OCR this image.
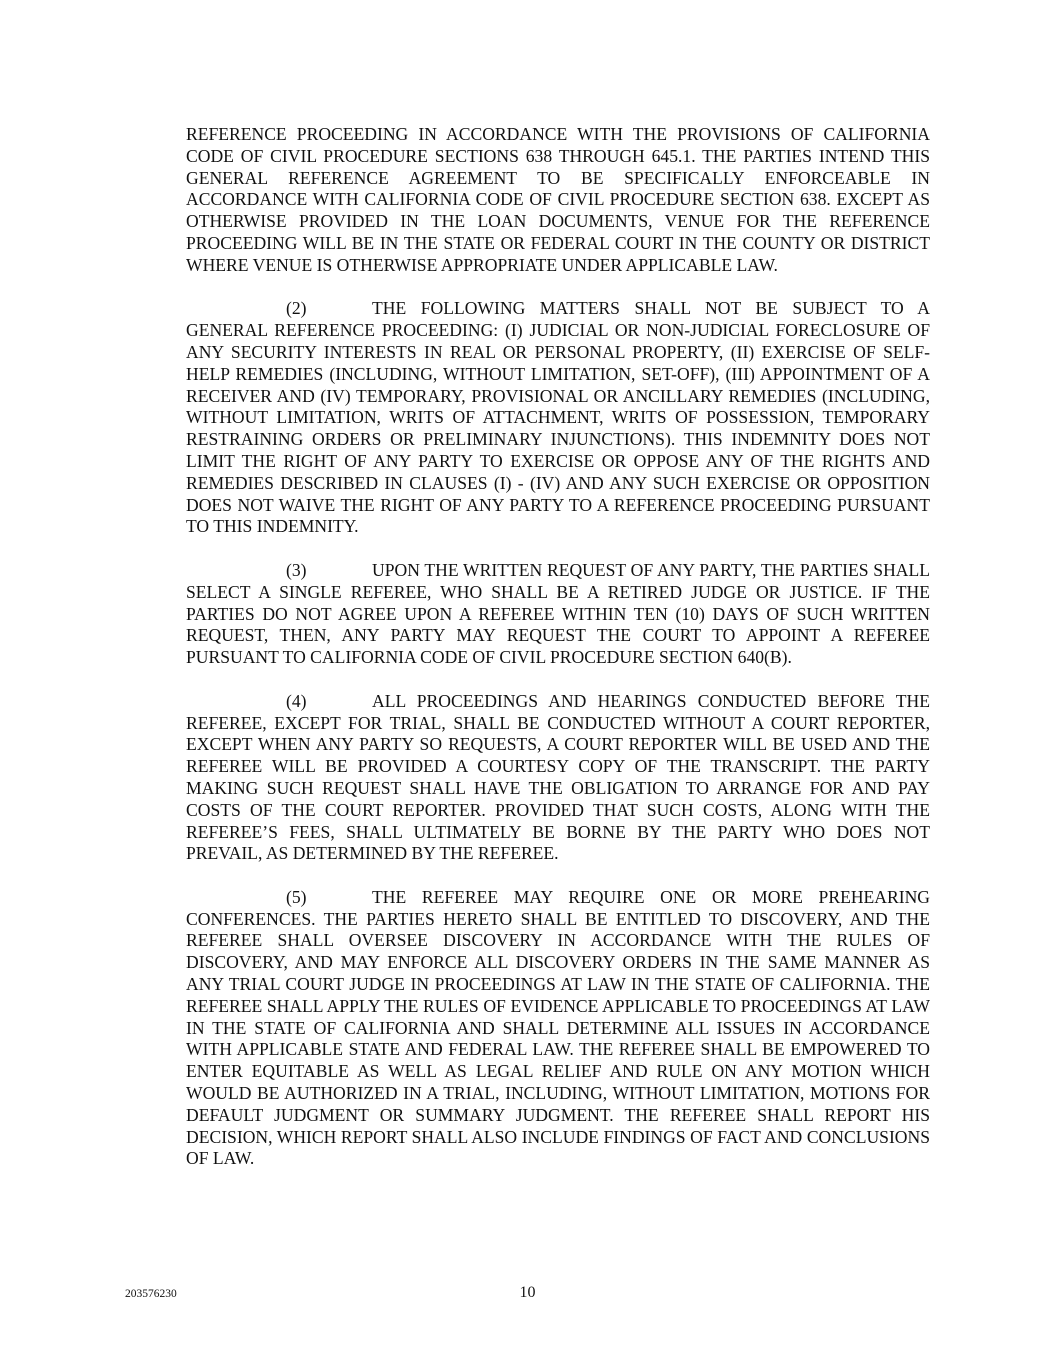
REFERENCE PROCEEDING IN ACCORDANCE WITH THE PROVISIONS OF CALIFORNIA CODE OF CIVIL PROCEDURE SECTIONS 638 THROUGH 645.1. THE PARTIES INTEND THIS GENERAL REFERENCE AGREEMENT TO BE SPECIFICALLY ENFORCEABLE IN ACCORDANCE WITH CALIFORNIA CODE OF CIVIL PROCEDURE SECTION 638. EXCEPT AS OTHERWISE PROVIDED IN THE LOAN DOCUMENTS, VENUE FOR THE REFERENCE PROCEEDING WILL BE IN THE STATE OR FEDERAL COURT IN THE COUNTY OR DISTRICT WHERE VENUE IS OTHERWISE APPROPRIATE UNDER APPLICABLE LAW.

(2)	THE FOLLOWING MATTERS SHALL NOT BE SUBJECT TO A GENERAL REFERENCE PROCEEDING: (I) JUDICIAL OR NON-JUDICIAL FORECLOSURE OF ANY SECURITY INTERESTS IN REAL OR PERSONAL PROPERTY, (II) EXERCISE OF SELF-HELP REMEDIES (INCLUDING, WITHOUT LIMITATION, SET-OFF), (III) APPOINTMENT OF A RECEIVER AND (IV) TEMPORARY, PROVISIONAL OR ANCILLARY REMEDIES (INCLUDING, WITHOUT LIMITATION, WRITS OF ATTACHMENT, WRITS OF POSSESSION, TEMPORARY RESTRAINING ORDERS OR PRELIMINARY INJUNCTIONS). THIS INDEMNITY DOES NOT LIMIT THE RIGHT OF ANY PARTY TO EXERCISE OR OPPOSE ANY OF THE RIGHTS AND REMEDIES DESCRIBED IN CLAUSES (I) - (IV) AND ANY SUCH EXERCISE OR OPPOSITION DOES NOT WAIVE THE RIGHT OF ANY PARTY TO A REFERENCE PROCEEDING PURSUANT TO THIS INDEMNITY.

(3)	UPON THE WRITTEN REQUEST OF ANY PARTY, THE PARTIES SHALL SELECT A SINGLE REFEREE, WHO SHALL BE A RETIRED JUDGE OR JUSTICE. IF THE PARTIES DO NOT AGREE UPON A REFEREE WITHIN TEN (10) DAYS OF SUCH WRITTEN REQUEST, THEN, ANY PARTY MAY REQUEST THE COURT TO APPOINT A REFEREE PURSUANT TO CALIFORNIA CODE OF CIVIL PROCEDURE SECTION 640(B).

(4)	ALL PROCEEDINGS AND HEARINGS CONDUCTED BEFORE THE REFEREE, EXCEPT FOR TRIAL, SHALL BE CONDUCTED WITHOUT A COURT REPORTER, EXCEPT WHEN ANY PARTY SO REQUESTS, A COURT REPORTER WILL BE USED AND THE REFEREE WILL BE PROVIDED A COURTESY COPY OF THE TRANSCRIPT. THE PARTY MAKING SUCH REQUEST SHALL HAVE THE OBLIGATION TO ARRANGE FOR AND PAY COSTS OF THE COURT REPORTER. PROVIDED THAT SUCH COSTS, ALONG WITH THE REFEREE’S FEES, SHALL ULTIMATELY BE BORNE BY THE PARTY WHO DOES NOT PREVAIL, AS DETERMINED BY THE REFEREE.

(5)	THE REFEREE MAY REQUIRE ONE OR MORE PREHEARING CONFERENCES. THE PARTIES HERETO SHALL BE ENTITLED TO DISCOVERY, AND THE REFEREE SHALL OVERSEE DISCOVERY IN ACCORDANCE WITH THE RULES OF DISCOVERY, AND MAY ENFORCE ALL DISCOVERY ORDERS IN THE SAME MANNER AS ANY TRIAL COURT JUDGE IN PROCEEDINGS AT LAW IN THE STATE OF CALIFORNIA. THE REFEREE SHALL APPLY THE RULES OF EVIDENCE APPLICABLE TO PROCEEDINGS AT LAW IN THE STATE OF CALIFORNIA AND SHALL DETERMINE ALL ISSUES IN ACCORDANCE WITH APPLICABLE STATE AND FEDERAL LAW. THE REFEREE SHALL BE EMPOWERED TO ENTER EQUITABLE AS WELL AS LEGAL RELIEF AND RULE ON ANY MOTION WHICH WOULD BE AUTHORIZED IN A TRIAL, INCLUDING, WITHOUT LIMITATION, MOTIONS FOR DEFAULT JUDGMENT OR SUMMARY JUDGMENT. THE REFEREE SHALL REPORT HIS DECISION, WHICH REPORT SHALL ALSO INCLUDE FINDINGS OF FACT AND CONCLUSIONS OF LAW.

203576230	10
